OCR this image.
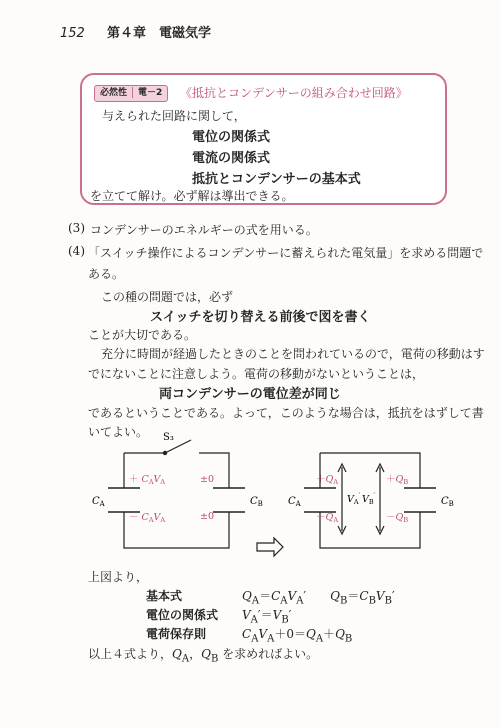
152 第４章　電磁気学
必然性 電－2	《抵抗とコンデンサーの組み合わせ回路》
与えられた回路に関して，
電位の関係式
電流の関係式
抵抗とコンデンサーの基本式
を立てて解け。必ず解は導出できる。
(3) コンデンサーのエネルギーの式を用いる。
(4) 「スイッチ操作によるコンデンサーに蓄えられた電気量」を求める問題で
ある。
この種の問題では，必ず
スイッチを切り替える前後で図を書く
ことが大切である。
充分に時間が経過したときのことを問われているので，電荷の移動はす
でにないことに注意しよう。電荷の移動がないということは，
両コンデンサーの電位差が同じ
であるということである。よって，このような場合は，抵抗をはずして書
いてよい。 S₃
$C_A$	$C_B$
＋ $C_AV_A$
－ $C_AV_A$
±0
±0
$C_A$	$C_B$
$+Q_A$
$-Q_A$
$+Q_B$
$-Q_B$
$V_A'$ $V_B'$
上図より，
基本式	$Q_A=C_AV_A'$　　$Q_B=C_BV_B'$
電位の関係式 $V_A'=V_B'$
電荷保存則	$C_AV_A+0=Q_A+Q_B$
以上４式より，$Q_A$，$Q_B$ を求めればよい。
